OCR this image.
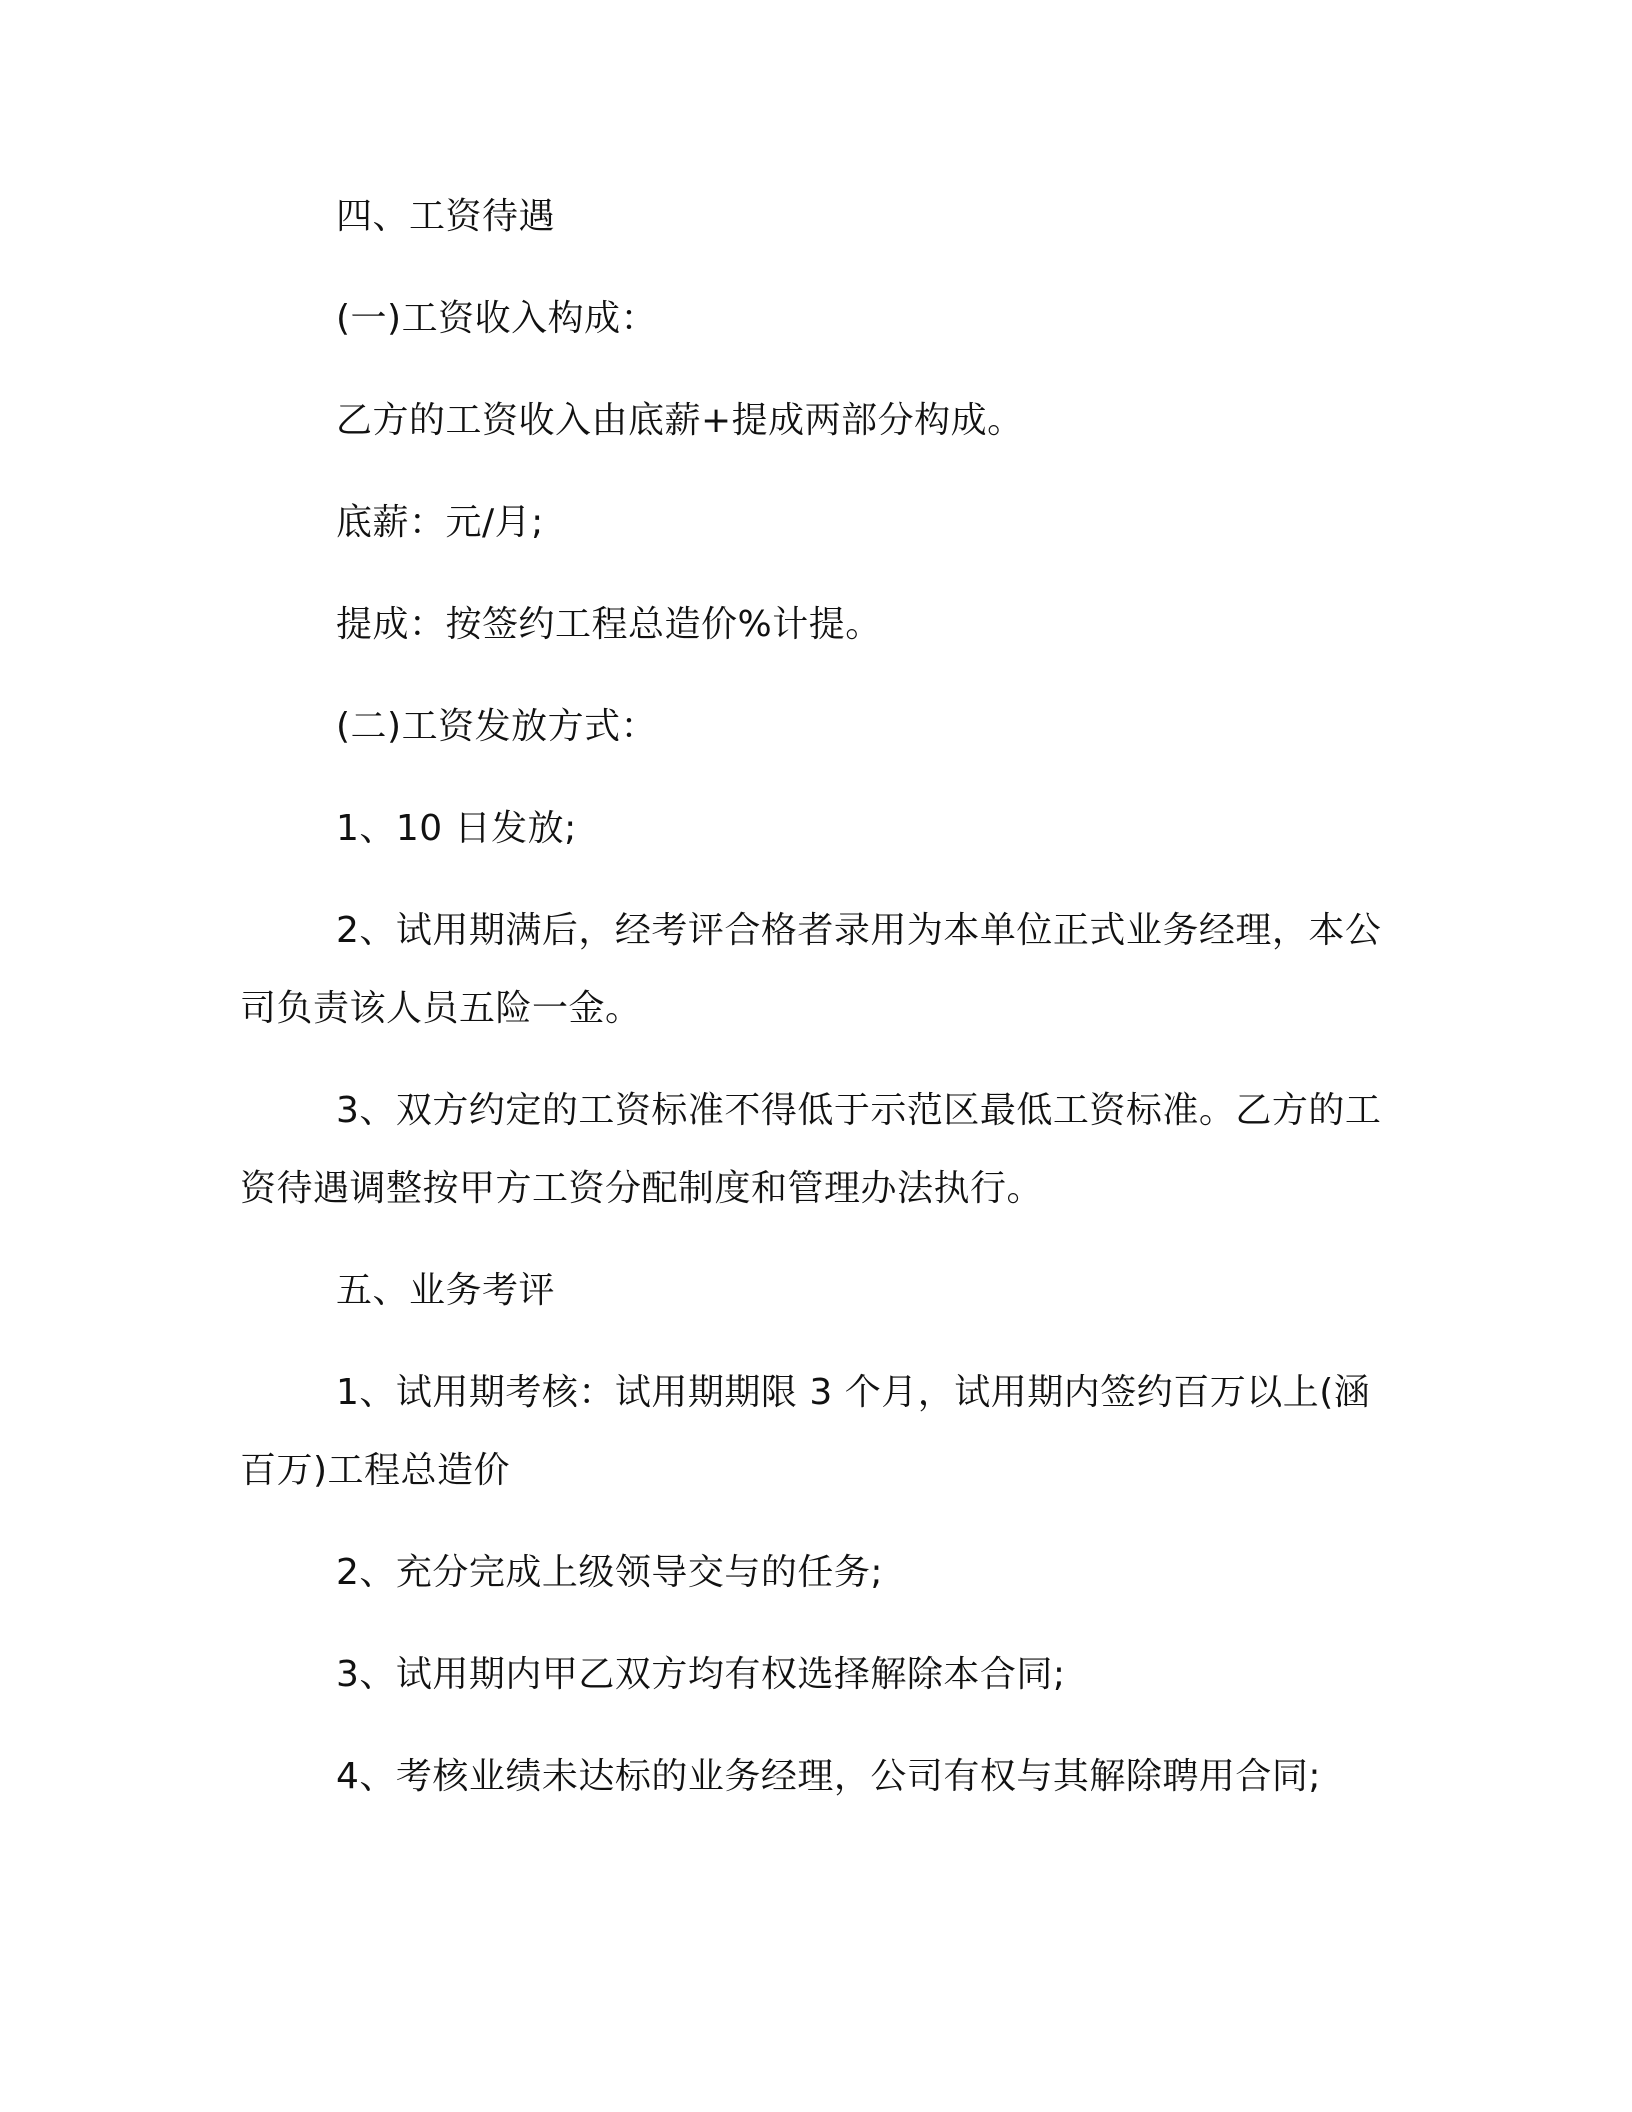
四、工资待遇
(一)工资收入构成：
乙方的工资收入由底薪+提成两部分构成。
底薪：元/月;
提成：按签约工程总造价%计提。
(二)工资发放方式：
1、10 日发放;
2、试用期满后，经考评合格者录用为本单位正式业务经理，本公司负责该人员五险一金。
3、双方约定的工资标准不得低于示范区最低工资标准。乙方的工资待遇调整按甲方工资分配制度和管理办法执行。
五、业务考评
1、试用期考核：试用期期限 3 个月，试用期内签约百万以上(涵百万)工程总造价
2、充分完成上级领导交与的任务;
3、试用期内甲乙双方均有权选择解除本合同;
4、考核业绩未达标的业务经理，公司有权与其解除聘用合同;
